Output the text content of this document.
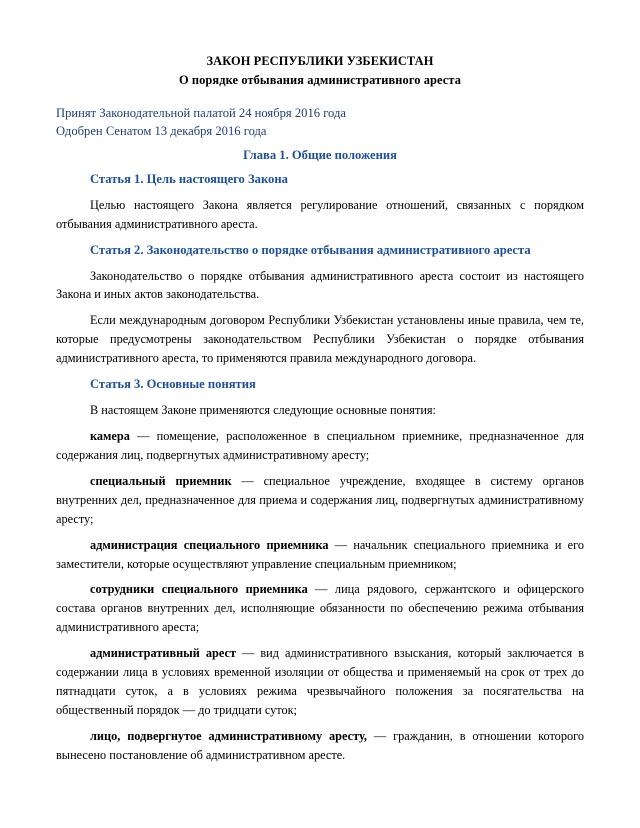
ЗАКОН РЕСПУБЛИКИ УЗБЕКИСТАН
О порядке отбывания административного ареста
Принят Законодательной палатой 24 ноября 2016 года
Одобрен Сенатом 13 декабря 2016 года
Глава 1. Общие положения
Статья 1. Цель настоящего Закона

Целью настоящего Закона является регулирование отношений, связанных с порядком отбывания административного ареста.

Статья 2. Законодательство о порядке отбывания административного ареста

Законодательство о порядке отбывания административного ареста состоит из настоящего Закона и иных актов законодательства.

Если международным договором Республики Узбекистан установлены иные правила, чем те, которые предусмотрены законодательством Республики Узбекистан о порядке отбывания административного ареста, то применяются правила международного договора.

Статья 3. Основные понятия

В настоящем Законе применяются следующие основные понятия:

камера — помещение, расположенное в специальном приемнике, предназначенное для содержания лиц, подвергнутых административному аресту;

специальный приемник — специальное учреждение, входящее в систему органов внутренних дел, предназначенное для приема и содержания лиц, подвергнутых административному аресту;

администрация специального приемника — начальник специального приемника и его заместители, которые осуществляют управление специальным приемником;

сотрудники специального приемника — лица рядового, сержантского и офицерского состава органов внутренних дел, исполняющие обязанности по обеспечению режима отбывания административного ареста;

административный арест — вид административного взыскания, который заключается в содержании лица в условиях временной изоляции от общества и применяемый на срок от трех до пятнадцати суток, а в условиях режима чрезвычайного положения за посягательства на общественный порядок — до тридцати суток;

лицо, подвергнутое административному аресту, — гражданин, в отношении которого вынесено постановление об административном аресте.
